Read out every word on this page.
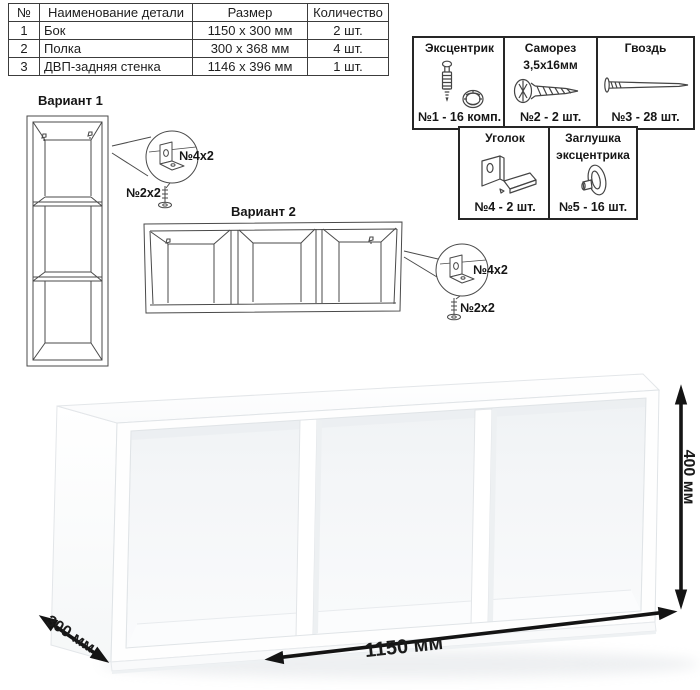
№	Наименование детали	Размер	Количество
1	Бок	1150 x 300 мм	2 шт.
2	Полка	300 x 368 мм	4 шт.
3	ДВП-задняя стенка	1146 x 396 мм	1 шт.
Эксцентрик
№1 - 16 комп.
Саморез
3,5х16мм
№2 - 2 шт.
Гвоздь
№3 - 28 шт.
Уголок
№4 - 2 шт.
Заглушка
эксцентрика
№5 - 16 шт.
Вариант 1
№4х2
№2х2
Вариант 2
№4х2
№2х2
1150 мм
300 мм
400 мм
